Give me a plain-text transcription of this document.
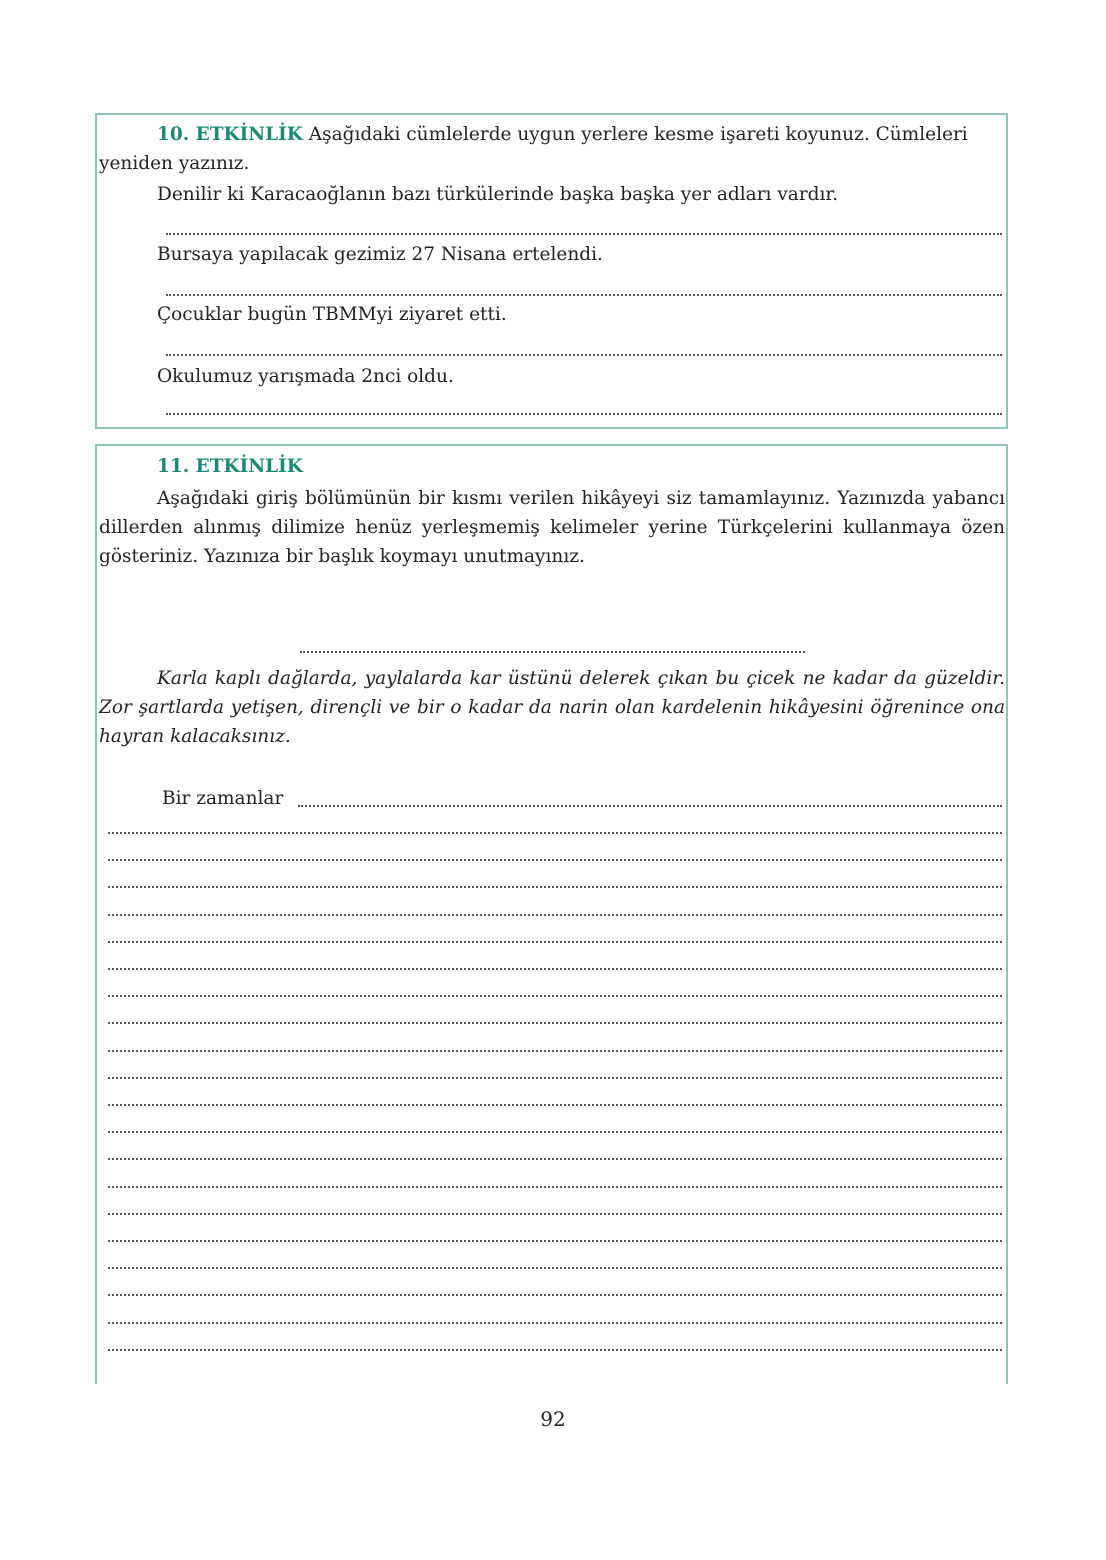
10. ETKİNLİK Aşağıdaki cümlelerde uygun yerlere kesme işareti koyunuz. Cümleleri
yeniden yazınız.
Denilir ki Karacaoğlanın bazı türkülerinde başka başka yer adları vardır.
Bursaya yapılacak gezimiz 27 Nisana ertelendi.
Çocuklar bugün TBMMyi ziyaret etti.
Okulumuz yarışmada 2nci oldu.
11. ETKİNLİK
Aşağıdaki giriş bölümünün bir kısmı verilen hikâyeyi siz tamamlayınız. Yazınızda yabancı dillerden alınmış dilimize henüz yerleşmemiş kelimeler yerine Türkçelerini kullanmaya özen gösteriniz. Yazınıza bir başlık koymayı unutmayınız.
Karla kaplı dağlarda, yaylalarda kar üstünü delerek çıkan bu çicek ne kadar da güzeldir. Zor şartlarda yetişen, dirençli ve bir o kadar da narin olan kardelenin hikâyesini öğrenince ona hayran kalacaksınız.
Bir zamanlar
92
